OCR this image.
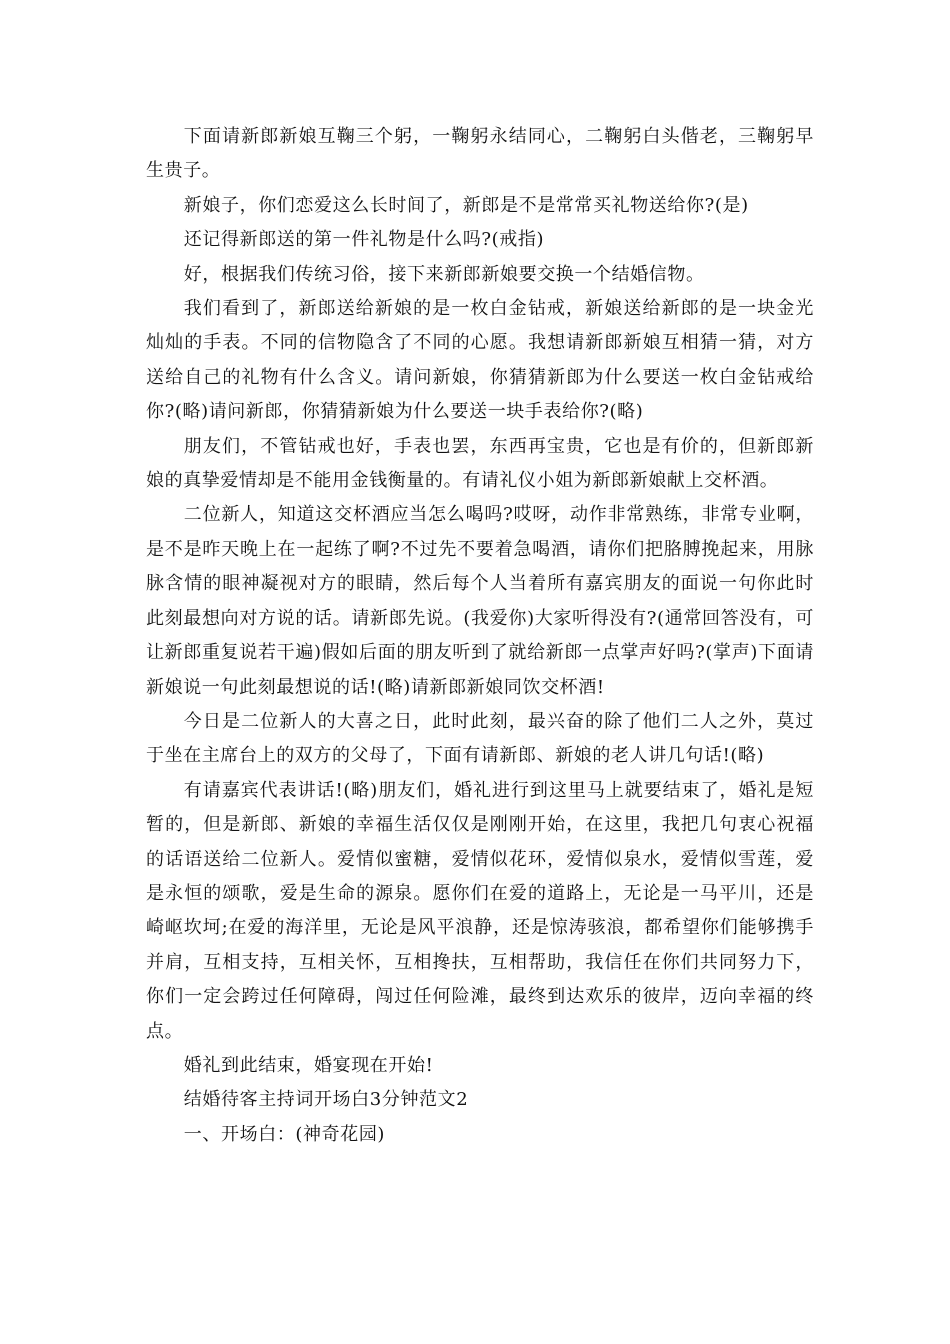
下面请新郎新娘互鞠三个躬，一鞠躬永结同心，二鞠躬白头偕老，三鞠躬早生贵子。

新娘子，你们恋爱这么长时间了，新郎是不是常常买礼物送给你?(是)

还记得新郎送的第一件礼物是什么吗?(戒指)

好，根据我们传统习俗，接下来新郎新娘要交换一个结婚信物。

我们看到了，新郎送给新娘的是一枚白金钻戒，新娘送给新郎的是一块金光灿灿的手表。不同的信物隐含了不同的心愿。我想请新郎新娘互相猜一猜，对方送给自己的礼物有什么含义。请问新娘，你猜猜新郎为什么要送一枚白金钻戒给你?(略)请问新郎，你猜猜新娘为什么要送一块手表给你?(略)

朋友们，不管钻戒也好，手表也罢，东西再宝贵，它也是有价的，但新郎新娘的真挚爱情却是不能用金钱衡量的。有请礼仪小姐为新郎新娘献上交杯酒。

二位新人，知道这交杯酒应当怎么喝吗?哎呀，动作非常熟练，非常专业啊，是不是昨天晚上在一起练了啊?不过先不要着急喝酒，请你们把胳膊挽起来，用脉脉含情的眼神凝视对方的眼睛，然后每个人当着所有嘉宾朋友的面说一句你此时此刻最想向对方说的话。请新郎先说。(我爱你)大家听得没有?(通常回答没有，可让新郎重复说若干遍)假如后面的朋友听到了就给新郎一点掌声好吗?(掌声)下面请新娘说一句此刻最想说的话!(略)请新郎新娘同饮交杯酒!

今日是二位新人的大喜之日，此时此刻，最兴奋的除了他们二人之外，莫过于坐在主席台上的双方的父母了，下面有请新郎、新娘的老人讲几句话!(略)

有请嘉宾代表讲话!(略)朋友们，婚礼进行到这里马上就要结束了，婚礼是短暂的，但是新郎、新娘的幸福生活仅仅是刚刚开始，在这里，我把几句衷心祝福的话语送给二位新人。爱情似蜜糖，爱情似花环，爱情似泉水，爱情似雪莲，爱是永恒的颂歌，爱是生命的源泉。愿你们在爱的道路上，无论是一马平川，还是崎岖坎坷;在爱的海洋里，无论是风平浪静，还是惊涛骇浪，都希望你们能够携手并肩，互相支持，互相关怀，互相搀扶，互相帮助，我信任在你们共同努力下，你们一定会跨过任何障碍，闯过任何险滩，最终到达欢乐的彼岸，迈向幸福的终点。

婚礼到此结束，婚宴现在开始!

结婚待客主持词开场白3分钟范文2

一、开场白：(神奇花园)
